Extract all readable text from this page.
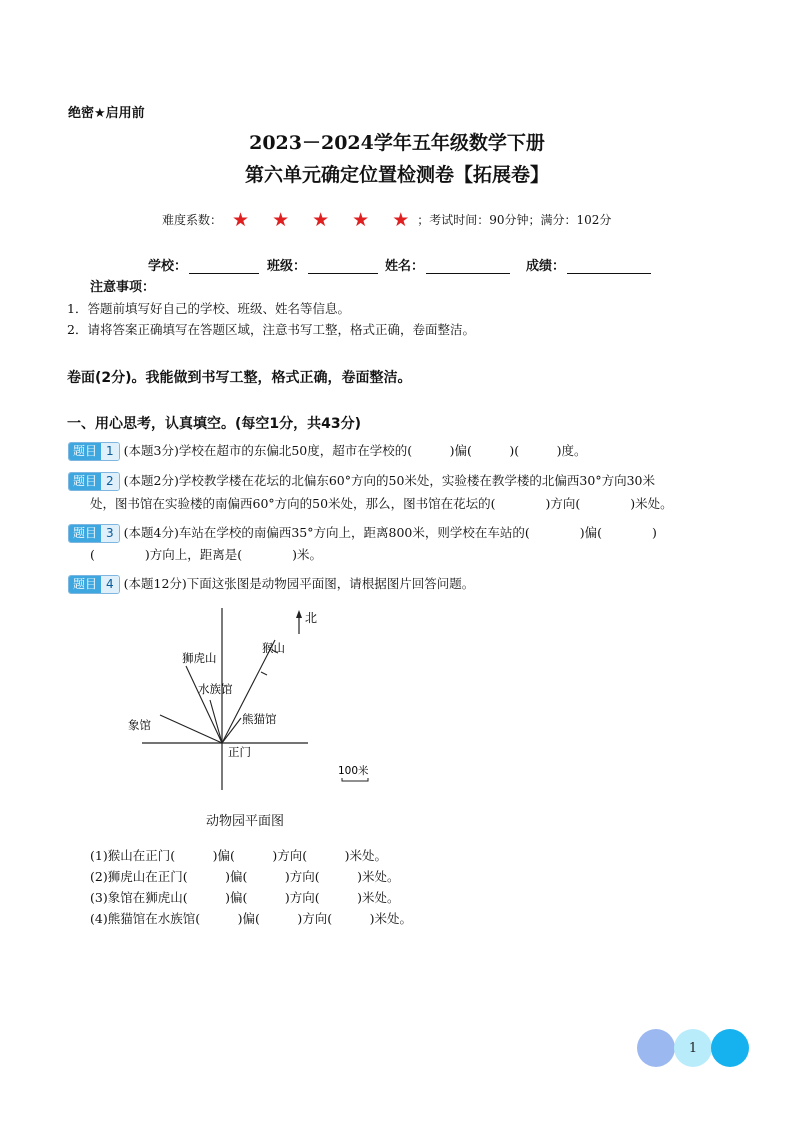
绝密★启用前
2023－2024学年五年级数学下册
第六单元确定位置检测卷【拓展卷】
难度系数： ★ ★ ★ ★ ★ ；考试时间：90分钟；满分：102分
学校：	班级：	姓名：	成绩：
注意事项：
1．答题前填写好自己的学校、班级、姓名等信息。
2．请将答案正确填写在答题区域，注意书写工整，格式正确，卷面整洁。
卷面(2分)。我能做到书写工整，格式正确，卷面整洁。
一、用心思考，认真填空。(每空1分，共43分)
题目 1 (本题3分)学校在超市的东偏北50度，超市在学校的(　　　)偏(　　　)(　　　)度。
题目 2 (本题2分)学校教学楼在花坛的北偏东60°方向的50米处，实验楼在教学楼的北偏西30°方向30米
处，图书馆在实验楼的南偏西60°方向的50米处，那么，图书馆在花坛的(　　　　)方向(　　　　)米处。
题目 3 (本题4分)车站在学校的南偏西35°方向上，距离800米，则学校在车站的(　　　　)偏(　　　　)
(　　　　)方向上，距离是(　　　　)米。
题目 4 (本题12分)下面这张图是动物园平面图，请根据图片回答问题。
北
猴山
狮虎山
水族馆
熊猫馆
象馆
正门
100米
动物园平面图
(1)猴山在正门(　　　)偏(　　　)方向(　　　)米处。
(2)狮虎山在正门(　　　)偏(　　　)方向(　　　)米处。
(3)象馆在狮虎山(　　　)偏(　　　)方向(　　　)米处。
(4)熊猫馆在水族馆(　　　)偏(　　　)方向(　　　)米处。
1
